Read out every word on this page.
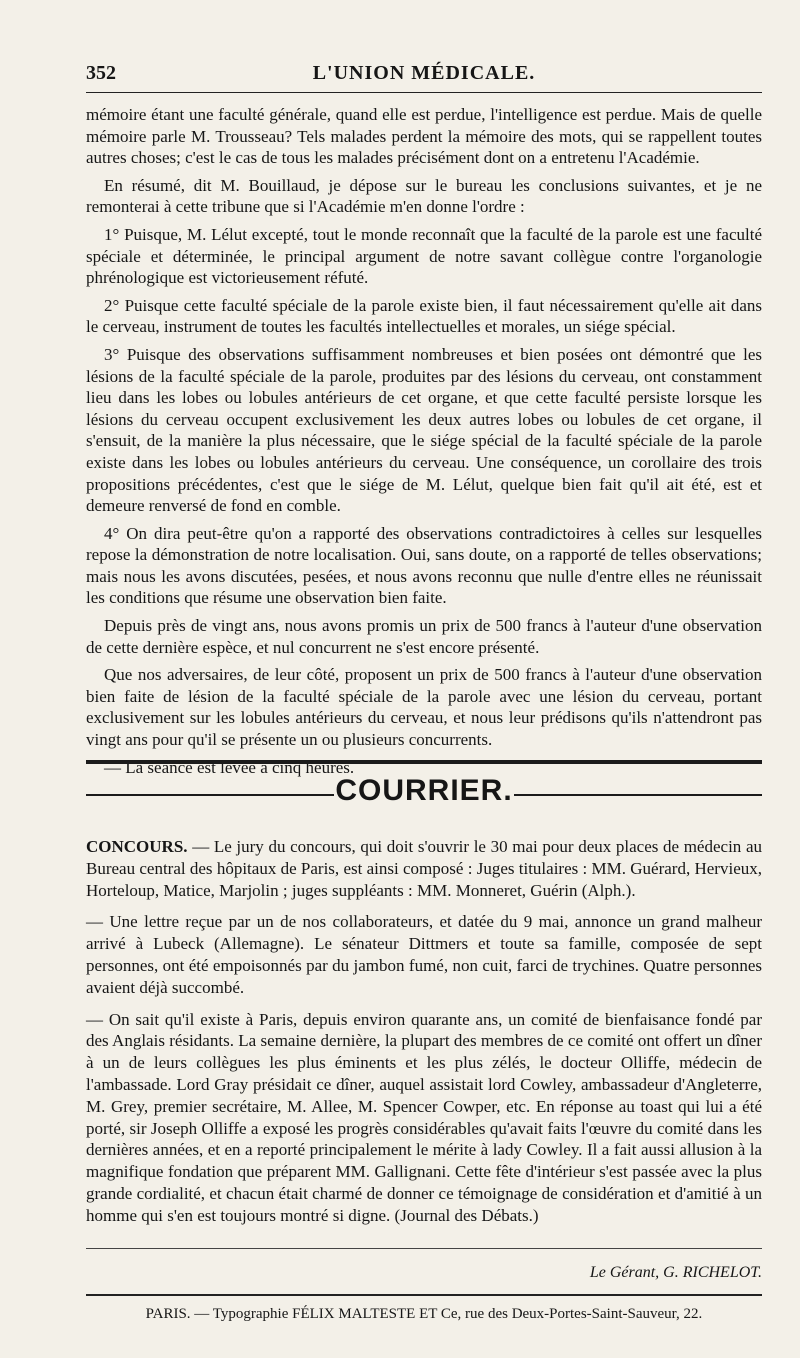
352	L'UNION MÉDICALE.

mémoire étant une faculté générale, quand elle est perdue, l'intelligence est perdue. Mais de quelle mémoire parle M. Trousseau? Tels malades perdent la mémoire des mots, qui se rappellent toutes autres choses; c'est le cas de tous les malades précisément dont on a entretenu l'Académie.

En résumé, dit M. Bouillaud, je dépose sur le bureau les conclusions suivantes, et je ne remonterai à cette tribune que si l'Académie m'en donne l'ordre :

1° Puisque, M. Lélut excepté, tout le monde reconnaît que la faculté de la parole est une faculté spéciale et déterminée, le principal argument de notre savant collègue contre l'organologie phrénologique est victorieusement réfuté.

2° Puisque cette faculté spéciale de la parole existe bien, il faut nécessairement qu'elle ait dans le cerveau, instrument de toutes les facultés intellectuelles et morales, un siége spécial.

3° Puisque des observations suffisamment nombreuses et bien posées ont démontré que les lésions de la faculté spéciale de la parole, produites par des lésions du cerveau, ont constamment lieu dans les lobes ou lobules antérieurs de cet organe, et que cette faculté persiste lorsque les lésions du cerveau occupent exclusivement les deux autres lobes ou lobules de cet organe, il s'ensuit, de la manière la plus nécessaire, que le siége spécial de la faculté spéciale de la parole existe dans les lobes ou lobules antérieurs du cerveau. Une conséquence, un corollaire des trois propositions précédentes, c'est que le siége de M. Lélut, quelque bien fait qu'il ait été, est et demeure renversé de fond en comble.

4° On dira peut-être qu'on a rapporté des observations contradictoires à celles sur lesquelles repose la démonstration de notre localisation. Oui, sans doute, on a rapporté de telles observations; mais nous les avons discutées, pesées, et nous avons reconnu que nulle d'entre elles ne réunissait les conditions que résume une observation bien faite.

Depuis près de vingt ans, nous avons promis un prix de 500 francs à l'auteur d'une observation de cette dernière espèce, et nul concurrent ne s'est encore présenté.

Que nos adversaires, de leur côté, proposent un prix de 500 francs à l'auteur d'une observation bien faite de lésion de la faculté spéciale de la parole avec une lésion du cerveau, portant exclusivement sur les lobules antérieurs du cerveau, et nous leur prédisons qu'ils n'attendront pas vingt ans pour qu'il se présente un ou plusieurs concurrents.

— La séance est levée à cinq heures.

COURRIER.

CONCOURS. — Le jury du concours, qui doit s'ouvrir le 30 mai pour deux places de médecin au Bureau central des hôpitaux de Paris, est ainsi composé : Juges titulaires : MM. Guérard, Hervieux, Horteloup, Matice, Marjolin ; juges suppléants : MM. Monneret, Guérin (Alph.).

— Une lettre reçue par un de nos collaborateurs, et datée du 9 mai, annonce un grand malheur arrivé à Lubeck (Allemagne). Le sénateur Dittmers et toute sa famille, composée de sept personnes, ont été empoisonnés par du jambon fumé, non cuit, farci de trychines. Quatre personnes avaient déjà succombé.

— On sait qu'il existe à Paris, depuis environ quarante ans, un comité de bienfaisance fondé par des Anglais résidants. La semaine dernière, la plupart des membres de ce comité ont offert un dîner à un de leurs collègues les plus éminents et les plus zélés, le docteur Olliffe, médecin de l'ambassade. Lord Gray présidait ce dîner, auquel assistait lord Cowley, ambassadeur d'Angleterre, M. Grey, premier secrétaire, M. Allee, M. Spencer Cowper, etc. En réponse au toast qui lui a été porté, sir Joseph Olliffe a exposé les progrès considérables qu'avait faits l'œuvre du comité dans les dernières années, et en a reporté principalement le mérite à lady Cowley. Il a fait aussi allusion à la magnifique fondation que préparent MM. Gallignani. Cette fête d'intérieur s'est passée avec la plus grande cordialité, et chacun était charmé de donner ce témoignage de considération et d'amitié à un homme qui s'en est toujours montré si digne. (Journal des Débats.)

Le Gérant, G. RICHELOT.
PARIS. — Typographie FÉLIX MALTESTE ET Ce, rue des Deux-Portes-Saint-Sauveur, 22.
